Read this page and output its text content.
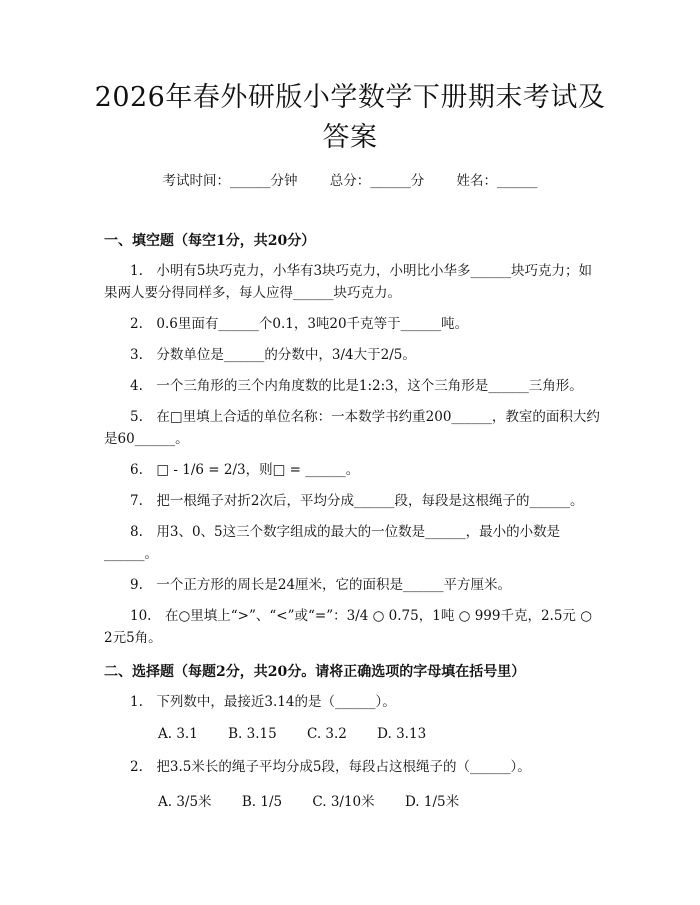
2026年春外研版小学数学下册期末考试及答案
考试时间：______分钟 总分：______分 姓名：______
一、填空题（每空1分，共20分）
1.　小明有5块巧克力，小华有3块巧克力，小明比小华多______块巧克力；如果两人要分得同样多，每人应得______块巧克力。
2.　0.6里面有______个0.1，3吨20千克等于______吨。
3.　分数单位是______的分数中，3/4大于2/5。
4.　一个三角形的三个内角度数的比是1:2:3，这个三角形是______三角形。
5.　在□里填上合适的单位名称：一本数学书约重200______，教室的面积大约是60______。
6.　□ - 1/6 = 2/3，则□ = ______。
7.　把一根绳子对折2次后，平均分成______段，每段是这根绳子的______。
8.　用3、0、5这三个数字组成的最大的一位数是______，最小的小数是______。
9.　一个正方形的周长是24厘米，它的面积是______平方厘米。
10.　在○里填上“>”、“<”或“=”：3/4 ○ 0.75，1吨 ○ 999千克，2.5元 ○ 2元5角。
二、选择题（每题2分，共20分。请将正确选项的字母填在括号里）
1.　下列数中，最接近3.14的是（______）。
A. 3.1 B. 3.15 C. 3.2 D. 3.13
2.　把3.5米长的绳子平均分成5段，每段占这根绳子的（______）。
A. 3/5米 B. 1/5 C. 3/10米 D. 1/5米
